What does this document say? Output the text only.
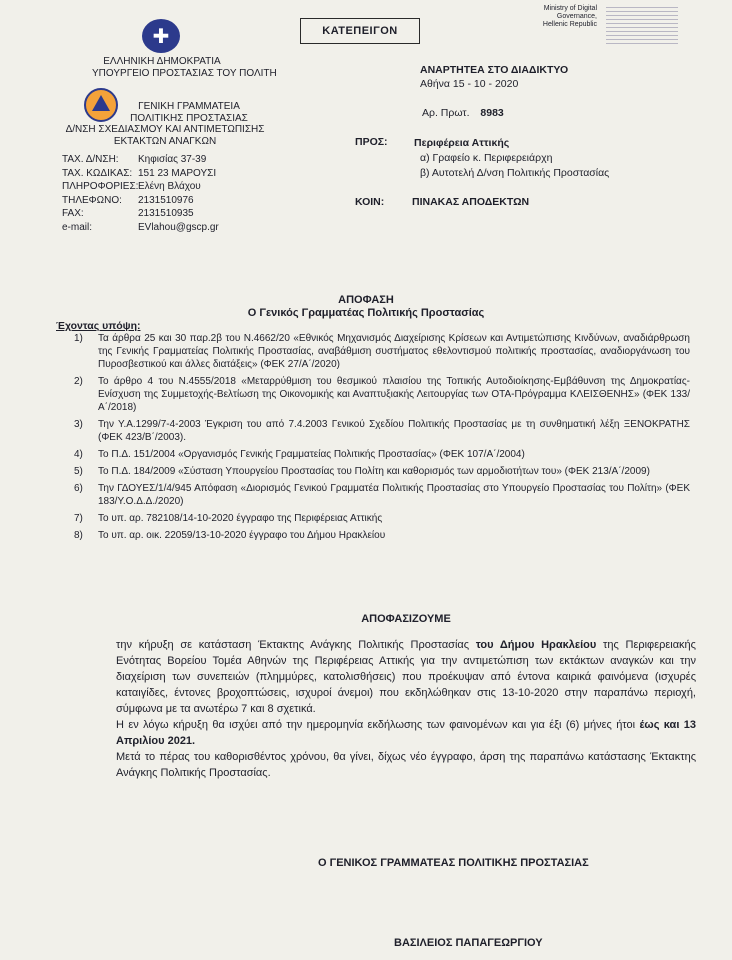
✚
ΕΛΛΗΝΙΚΗ ΔΗΜΟΚΡΑΤΙΑ
ΥΠΟΥΡΓΕΙΟ ΠΡΟΣΤΑΣΙΑΣ ΤΟΥ ΠΟΛΙΤΗ
ΓΕΝΙΚΗ ΓΡΑΜΜΑΤΕΙΑ
ΠΟΛΙΤΙΚΗΣ ΠΡΟΣΤΑΣΙΑΣ
Δ/ΝΣΗ ΣΧΕΔΙΑΣΜΟΥ ΚΑΙ ΑΝΤΙΜΕΤΩΠΙΣΗΣ
ΕΚΤΑΚΤΩΝ ΑΝΑΓΚΩΝ
ΤΑΧ. Δ/ΝΣΗ: Κηφισίας 37-39
ΤΑΧ. ΚΩΔΙΚΑΣ: 151 23 ΜΑΡΟΥΣΙ
ΠΛΗΡΟΦΟΡΙΕΣ:Ελένη Βλάχου
ΤΗΛΕΦΩΝΟ: 2131510976
FAX:	2131510935
e-mail:	EVlahou@gscp.gr
ΚΑΤΕΠΕΙΓΟΝ
Ministry of Digital
Governance,
Hellenic Republic
ΑΝΑΡΤΗΤΕΑ ΣΤΟ ΔΙΑΔΙΚΤΥΟ
Αθήνα 15 - 10 - 2020
Αρ. Πρωτ. 8983
ΠΡΟΣ:	Περιφέρεια Αττικής
α) Γραφείο κ. Περιφερειάρχη
β) Αυτοτελή Δ/νση Πολιτικής Προστασίας
ΚΟΙΝ:	ΠΙΝΑΚΑΣ ΑΠΟΔΕΚΤΩΝ
ΑΠΟΦΑΣΗ
Ο Γενικός Γραμματέας Πολιτικής Προστασίας
Έχοντας υπόψη:
1) Τα άρθρα 25 και 30 παρ.2β του Ν.4662/20 «Εθνικός Μηχανισμός Διαχείρισης Κρίσεων και Αντιμετώπισης Κινδύνων, αναδιάρθρωση της Γενικής Γραμματείας Πολιτικής Προστασίας, αναβάθμιση συστήματος εθελοντισμού πολιτικής προστασίας, αναδιοργάνωση του Πυροσβεστικού και άλλες διατάξεις» (ΦΕΚ 27/Α΄/2020)
2) Το άρθρο 4 του Ν.4555/2018 «Μεταρρύθμιση του θεσμικού πλαισίου της Τοπικής Αυτοδιοίκησης-Εμβάθυνση της Δημοκρατίας-Ενίσχυση της Συμμετοχής-Βελτίωση της Οικονομικής και Αναπτυξιακής Λειτουργίας των ΟΤΑ-Πρόγραμμα ΚΛΕΙΣΘΕΝΗΣ» (ΦΕΚ 133/Α΄/2018)
3) Την Υ.Α.1299/7-4-2003 Έγκριση του από 7.4.2003 Γενικού Σχεδίου Πολιτικής Προστασίας με τη συνθηματική λέξη ΞΕΝΟΚΡΑΤΗΣ (ΦΕΚ 423/Β΄/2003).
4) Το Π.Δ. 151/2004 «Οργανισμός Γενικής Γραμματείας Πολιτικής Προστασίας» (ΦΕΚ 107/Α΄/2004)
5) Το Π.Δ. 184/2009 «Σύσταση Υπουργείου Προστασίας του Πολίτη και καθορισμός των αρμοδιοτήτων του» (ΦΕΚ 213/Α΄/2009)
6) Την ΓΔΟΥΕΣ/1/4/945 Απόφαση «Διορισμός Γενικού Γραμματέα Πολιτικής Προστασίας στο Υπουργείο Προστασίας του Πολίτη» (ΦΕΚ 183/Υ.Ο.Δ.Δ./2020)
7) Το υπ. αρ. 782108/14-10-2020 έγγραφο της Περιφέρειας Αττικής
8) Το υπ. αρ. οικ. 22059/13-10-2020 έγγραφο του Δήμου Ηρακλείου
ΑΠΟΦΑΣΙΖΟΥΜΕ

την κήρυξη σε κατάσταση Έκτακτης Ανάγκης Πολιτικής Προστασίας του Δήμου Ηρακλείου της Περιφερειακής Ενότητας Βορείου Τομέα Αθηνών της Περιφέρειας Αττικής για την αντιμετώπιση των εκτάκτων αναγκών και την διαχείριση των συνεπειών (πλημμύρες, κατολισθήσεις) που προέκυψαν από έντονα καιρικά φαινόμενα (ισχυρές καταιγίδες, έντονες βροχοπτώσεις, ισχυροί άνεμοι) που εκδηλώθηκαν στις 13-10-2020 στην παραπάνω περιοχή, σύμφωνα με τα ανωτέρω 7 και 8 σχετικά.

Η εν λόγω κήρυξη θα ισχύει από την ημερομηνία εκδήλωσης των φαινομένων και για έξι (6) μήνες ήτοι έως και 13 Απριλίου 2021.

Μετά το πέρας του καθορισθέντος χρόνου, θα γίνει, δίχως νέο έγγραφο, άρση της παραπάνω κατάστασης Έκτακτης Ανάγκης Πολιτικής Προστασίας.

Ο ΓΕΝΙΚΟΣ ΓΡΑΜΜΑΤΕΑΣ ΠΟΛΙΤΙΚΗΣ ΠΡΟΣΤΑΣΙΑΣ
ΒΑΣΙΛΕΙΟΣ ΠΑΠΑΓΕΩΡΓΙΟΥ
